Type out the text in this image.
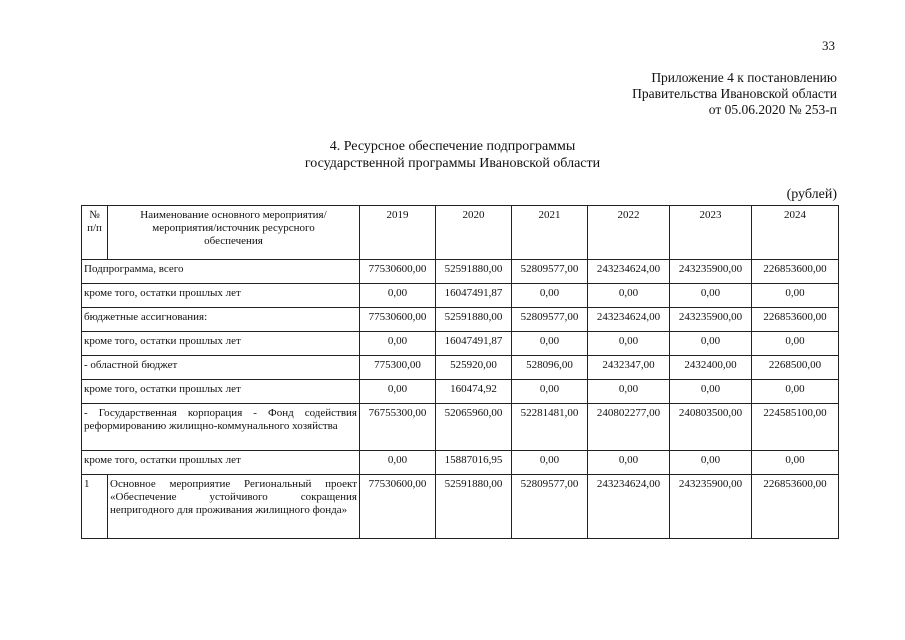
33
Приложение 4 к постановлению
Правительства Ивановской области
от 05.06.2020 № 253-п
4. Ресурсное обеспечение подпрограммы
государственной программы Ивановской области
(рублей)
№ п/п	Наименование основного мероприятия/мероприятия/источник ресурсного обеспечения	2019	2020	2021	2022	2023	2024
Подпрограмма, всего		77530600,00	52591880,00	52809577,00	243234624,00	243235900,00	226853600,00
кроме того, остатки прошлых лет		0,00	16047491,87	0,00	0,00	0,00	0,00
бюджетные ассигнования:		77530600,00	52591880,00	52809577,00	243234624,00	243235900,00	226853600,00
кроме того, остатки прошлых лет		0,00	16047491,87	0,00	0,00	0,00	0,00
- областной бюджет		775300,00	525920,00	528096,00	2432347,00	2432400,00	2268500,00
кроме того, остатки прошлых лет		0,00	160474,92	0,00	0,00	0,00	0,00
- Государственная корпорация - Фонд содействия реформированию жилищно-коммунального хозяйства		76755300,00	52065960,00	52281481,00	240802277,00	240803500,00	224585100,00
кроме того, остатки прошлых лет		0,00	15887016,95	0,00	0,00	0,00	0,00
1	Основное мероприятие Региональный проект «Обеспечение устойчивого сокращения непригодного для проживания жилищного фонда»	77530600,00	52591880,00	52809577,00	243234624,00	243235900,00	226853600,00
